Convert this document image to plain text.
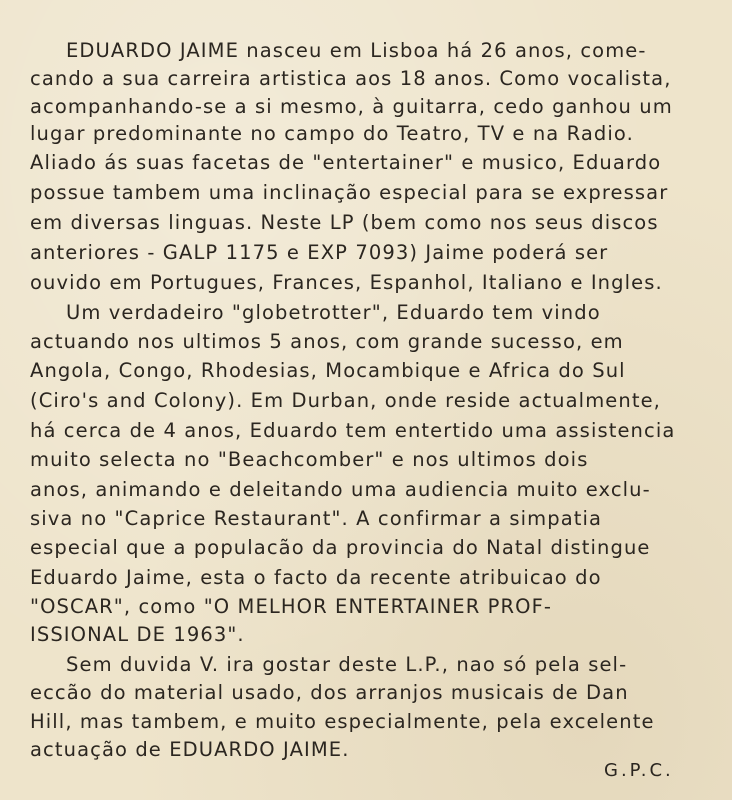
EDUARDO JAIME nasceu em Lisboa há 26 anos, come-
cando a sua carreira artistica aos 18 anos. Como vocalista,
acompanhando-se a si mesmo, à guitarra, cedo ganhou um
lugar predominante no campo do Teatro, TV e na Radio.
Aliado ás suas facetas de "entertainer" e musico, Eduardo
possue tambem uma inclinação especial para se expressar
em diversas linguas. Neste LP (bem como nos seus discos
anteriores - GALP 1175 e EXP 7093) Jaime poderá ser
ouvido em Portugues, Frances, Espanhol, Italiano e Ingles.
Um verdadeiro "globetrotter", Eduardo tem vindo
actuando nos ultimos 5 anos, com grande sucesso, em
Angola, Congo, Rhodesias, Mocambique e Africa do Sul
(Ciro's and Colony). Em Durban, onde reside actualmente,
há cerca de 4 anos, Eduardo tem entertido uma assistencia
muito selecta no "Beachcomber" e nos ultimos dois
anos, animando e deleitando uma audiencia muito exclu-
siva no "Caprice Restaurant". A confirmar a simpatia
especial que a populacão da provincia do Natal distingue
Eduardo Jaime, esta o facto da recente atribuicao do
"OSCAR", como "O MELHOR ENTERTAINER PROF-
ISSIONAL DE 1963".
Sem duvida V. ira gostar deste L.P., nao só pela sel-
eccão do material usado, dos arranjos musicais de Dan
Hill, mas tambem, e muito especialmente, pela excelente
actuação de EDUARDO JAIME.
G.P.C.
